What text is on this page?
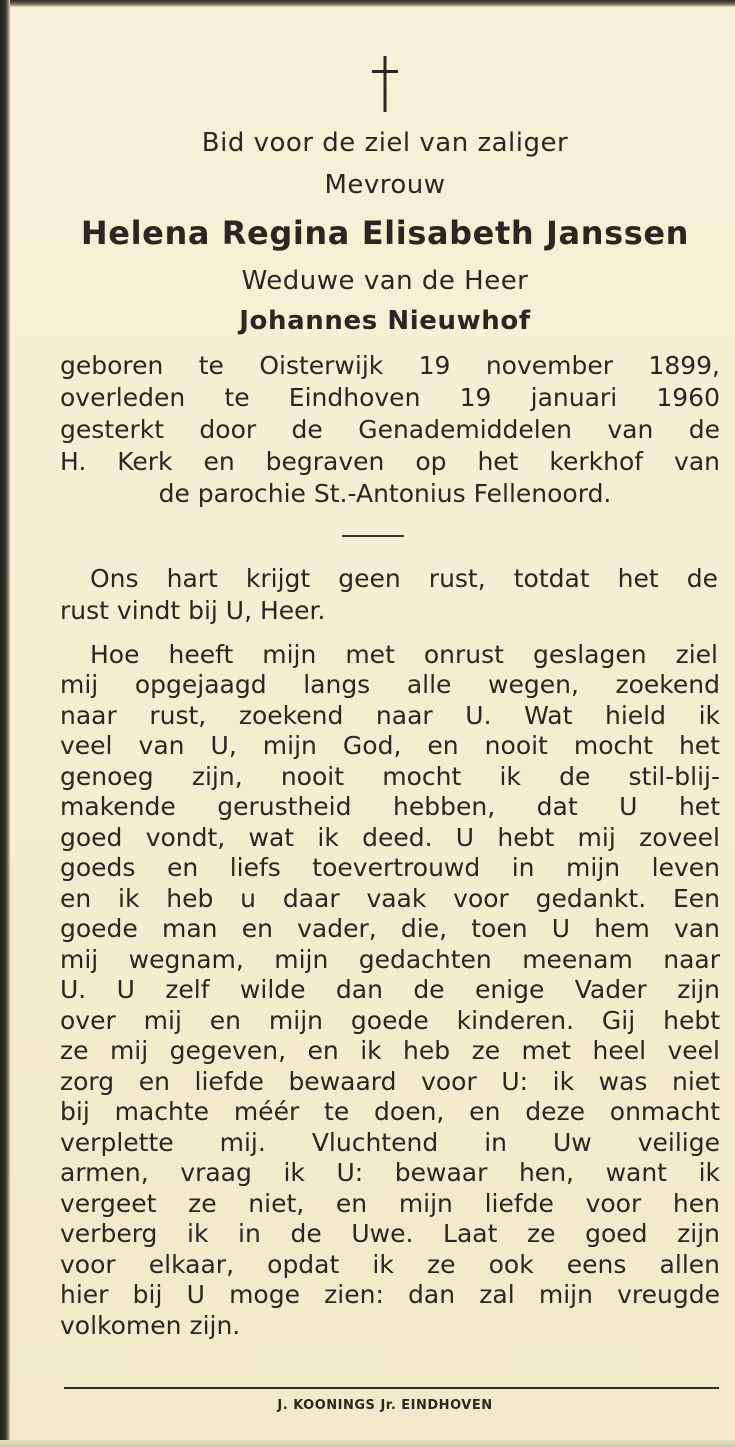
Bid voor de ziel van zaliger
Mevrouw
Helena Regina Elisabeth Janssen
Weduwe van de Heer
Johannes Nieuwhof
geboren te Oisterwijk 19 november 1899,
overleden te Eindhoven 19 januari 1960
gesterkt door de Genademiddelen van de
H. Kerk en begraven op het kerkhof van
de parochie St.-Antonius Fellenoord.
Ons hart krijgt geen rust, totdat het de
rust vindt bij U, Heer.
Hoe heeft mijn met onrust geslagen ziel
mij opgejaagd langs alle wegen, zoekend
naar rust, zoekend naar U. Wat hield ik
veel van U, mijn God, en nooit mocht het
genoeg zijn, nooit mocht ik de stil-blij-
makende gerustheid hebben, dat U het
goed vondt, wat ik deed. U hebt mij zoveel
goeds en liefs toevertrouwd in mijn leven
en ik heb u daar vaak voor gedankt. Een
goede man en vader, die, toen U hem van
mij wegnam, mijn gedachten meenam naar
U. U zelf wilde dan de enige Vader zijn
over mij en mijn goede kinderen. Gij hebt
ze mij gegeven, en ik heb ze met heel veel
zorg en liefde bewaard voor U: ik was niet
bij machte méér te doen, en deze onmacht
verplette mij. Vluchtend in Uw veilige
armen, vraag ik U: bewaar hen, want ik
vergeet ze niet, en mijn liefde voor hen
verberg ik in de Uwe. Laat ze goed zijn
voor elkaar, opdat ik ze ook eens allen
hier bij U moge zien: dan zal mijn vreugde
volkomen zijn.
J. KOONINGS Jr. EINDHOVEN
